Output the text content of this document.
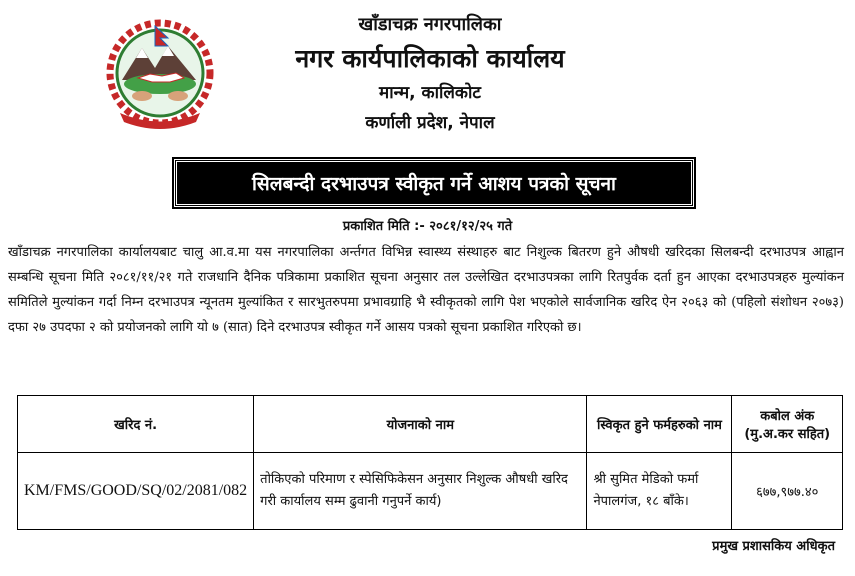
खाँडाचक्र नगरपालिका
नगर कार्यपालिकाको कार्यालय
मान्म, कालिकोट
कर्णाली प्रदेश, नेपाल
सिलबन्दी दरभाउपत्र स्वीकृत गर्ने आशय पत्रको सूचना
प्रकाशित मिति :- २०८१/१२/२५ गते
खाँडाचक्र नगरपालिका कार्यालयबाट चालु आ.व.मा यस नगरपालिका अर्न्तगत विभिन्न स्वास्थ्य संस्थाहरु बाट निशुल्क बितरण हुने औषधी खरिदका सिलबन्दी दरभाउपत्र आह्वान सम्बन्धि सूचना मिति २०८१/११/२१ गते राजधानि दैनिक पत्रिकामा प्रकाशित सूचना अनुसार तल उल्लेखित दरभाउपत्रका लागि रितपुर्वक दर्ता हुन आएका दरभाउपत्रहरु मुल्यांकन समितिले मुल्यांकन गर्दा निम्न दरभाउपत्र न्यूनतम मुल्यांकित र सारभुतरुपमा प्रभावग्राहि भै स्वीकृतको लागि पेश भएकोले सार्वजानिक खरिद ऐन २०६३ को (पहिलो संशोधन २०७३) दफा २७ उपदफा २ को प्रयोजनको लागि यो ७ (सात) दिने दरभाउपत्र स्वीकृत गर्ने आसय पत्रको सूचना प्रकाशित गरिएको छ।
खरिद नं.	योजनाको नाम	स्विकृत हुने फर्महरुको नाम	कबोल अंक (मु.अ.कर सहित)
KM/FMS/GOOD/SQ/02/2081/082	तोकिएको परिमाण र स्पेसिफिकेसन अनुसार निशुल्क औषधी खरिद गरी कार्यालय सम्म ढुवानी गनुपर्ने कार्य)	श्री सुमित मेडिको फर्मा नेपालगंज, १८ बाँके।	६७७,९७७.४०
प्रमुख प्रशासकिय अधिकृत
